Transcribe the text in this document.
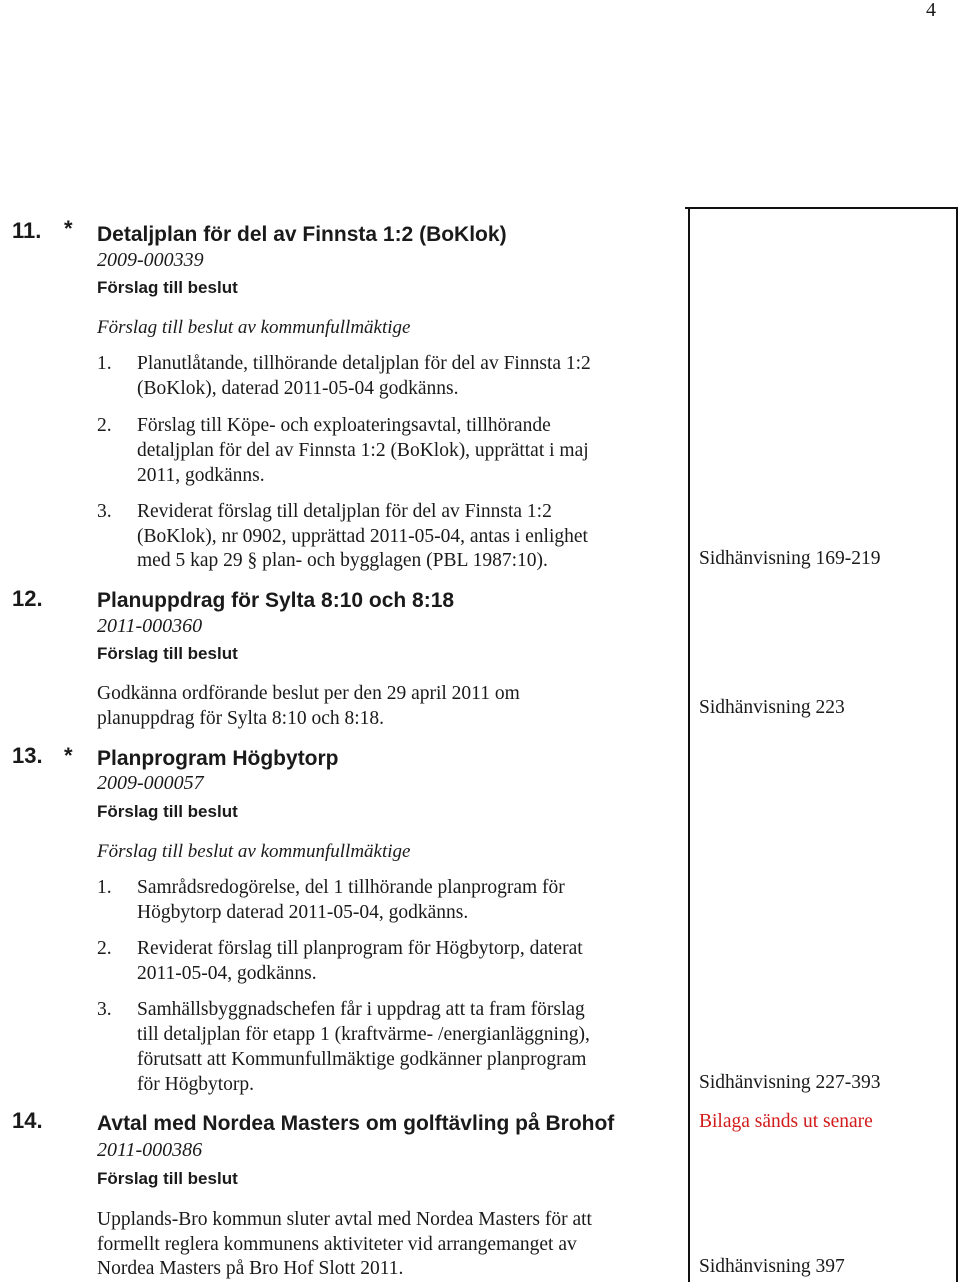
4
11. * Detaljplan för del av Finnsta 1:2 (BoKlok)
2009-000339
Förslag till beslut
Förslag till beslut av kommunfullmäktige
1. Planutlåtande, tillhörande detaljplan för del av Finnsta 1:2
(BoKlok), daterad 2011-05-04 godkänns.
2. Förslag till Köpe- och exploateringsavtal, tillhörande
detaljplan för del av Finnsta 1:2 (BoKlok), upprättat i maj
2011, godkänns.
3. Reviderat förslag till detaljplan för del av Finnsta 1:2
(BoKlok), nr 0902, upprättad 2011-05-04, antas i enlighet
med 5 kap 29 § plan- och bygglagen (PBL 1987:10).	Sidhänvisning 169-219
12.	Planuppdrag för Sylta 8:10 och 8:18
2011-000360
Förslag till beslut
Godkänna ordförande beslut per den 29 april 2011 om
planuppdrag för Sylta 8:10 och 8:18.
Sidhänvisning 223
13. * Planprogram Högbytorp
2009-000057
Förslag till beslut
Förslag till beslut av kommunfullmäktige
1. Samrådsredogörelse, del 1 tillhörande planprogram för
Högbytorp daterad 2011-05-04, godkänns.
2. Reviderat förslag till planprogram för Högbytorp, daterat
2011-05-04, godkänns.
3. Samhällsbyggnadschefen får i uppdrag att ta fram förslag
till detaljplan för etapp 1 (kraftvärme- /energianläggning),
förutsatt att Kommunfullmäktige godkänner planprogram
för Högbytorp.	Sidhänvisning 227-393
14.	Avtal med Nordea Masters om golftävling på Brohof
2011-000386
Förslag till beslut
Upplands-Bro kommun sluter avtal med Nordea Masters för att
formellt reglera kommunens aktiviteter vid arrangemanget av
Nordea Masters på Bro Hof Slott 2011.
Bilaga sänds ut senare
Sidhänvisning 397
